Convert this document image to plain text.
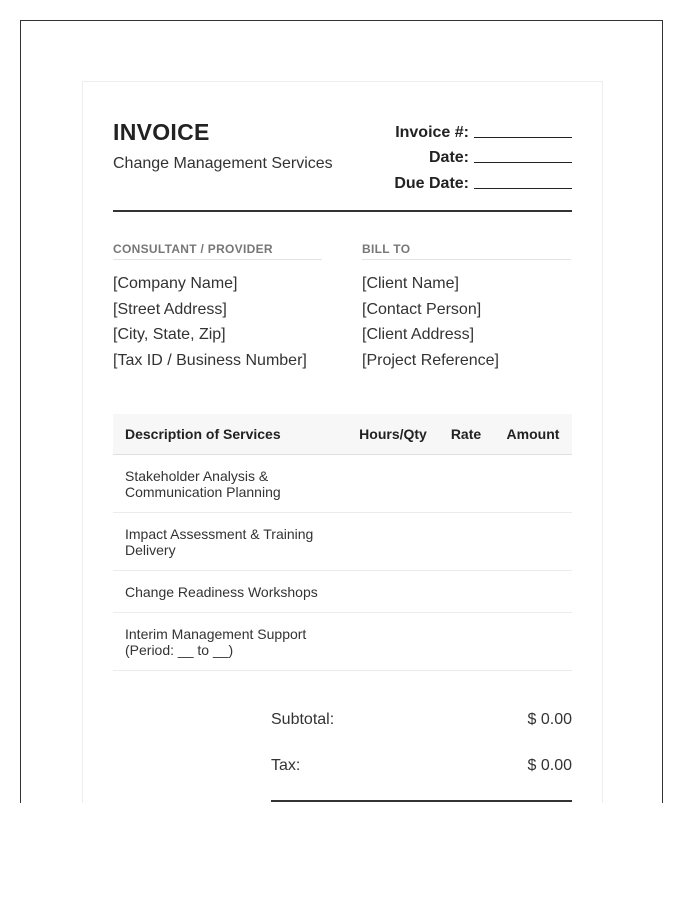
INVOICE
Change Management Services
Invoice #:
Date:
Due Date:
CONSULTANT / PROVIDER
[Company Name]
[Street Address]
[City, State, Zip]
[Tax ID / Business Number]
BILL TO
[Client Name]
[Contact Person]
[Client Address]
[Project Reference]
Description of Services	Hours/Qty	Rate	Amount
Stakeholder Analysis & Communication Planning
Impact Assessment & Training Delivery
Change Readiness Workshops
Interim Management Support (Period: __ to __)
Subtotal:	$ 0.00
Tax:	$ 0.00
